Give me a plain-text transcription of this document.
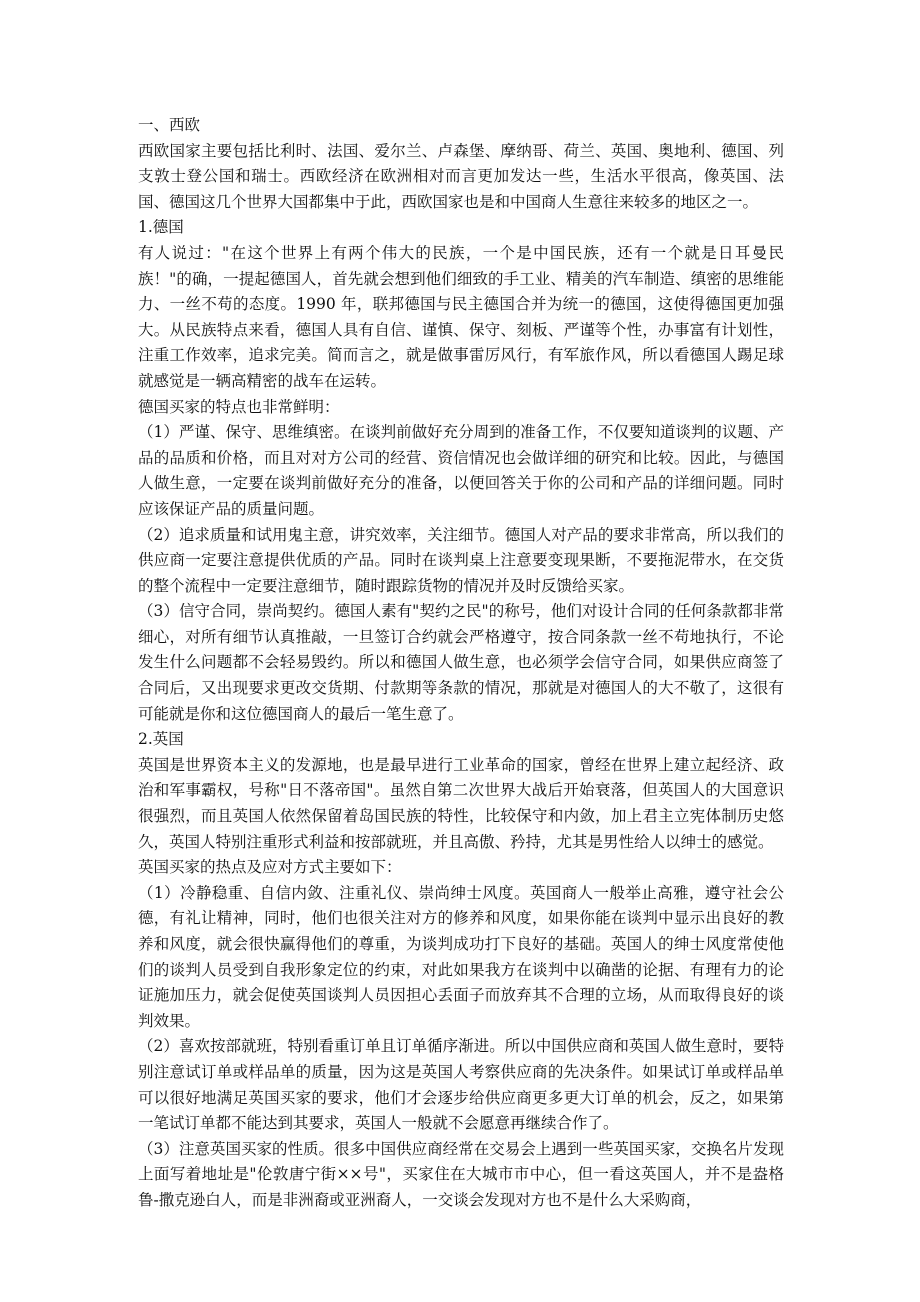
一、西欧

西欧国家主要包括比利时、法国、爱尔兰、卢森堡、摩纳哥、荷兰、英国、奥地利、德国、列支敦士登公国和瑞士。西欧经济在欧洲相对而言更加发达一些，生活水平很高，像英国、法国、德国这几个世界大国都集中于此，西欧国家也是和中国商人生意往来较多的地区之一。

1.德国

有人说过："在这个世界上有两个伟大的民族，一个是中国民族，还有一个就是日耳曼民族！"的确，一提起德国人，首先就会想到他们细致的手工业、精美的汽车制造、缜密的思维能力、一丝不苟的态度。1990 年，联邦德国与民主德国合并为统一的德国，这使得德国更加强大。从民族特点来看，德国人具有自信、谨慎、保守、刻板、严谨等个性，办事富有计划性，注重工作效率，追求完美。简而言之，就是做事雷厉风行，有军旅作风，所以看德国人踢足球就感觉是一辆高精密的战车在运转。

德国买家的特点也非常鲜明：

（1）严谨、保守、思维缜密。在谈判前做好充分周到的准备工作，不仅要知道谈判的议题、产品的品质和价格，而且对对方公司的经营、资信情况也会做详细的研究和比较。因此，与德国人做生意，一定要在谈判前做好充分的准备，以便回答关于你的公司和产品的详细问题。同时应该保证产品的质量问题。

（2）追求质量和试用鬼主意，讲究效率，关注细节。德国人对产品的要求非常高，所以我们的供应商一定要注意提供优质的产品。同时在谈判桌上注意要变现果断，不要拖泥带水，在交货的整个流程中一定要注意细节，随时跟踪货物的情况并及时反馈给买家。

（3）信守合同，崇尚契约。德国人素有"契约之民"的称号，他们对设计合同的任何条款都非常细心，对所有细节认真推敲，一旦签订合约就会严格遵守，按合同条款一丝不苟地执行，不论发生什么问题都不会轻易毁约。所以和德国人做生意，也必须学会信守合同，如果供应商签了合同后，又出现要求更改交货期、付款期等条款的情况，那就是对德国人的大不敬了，这很有可能就是你和这位德国商人的最后一笔生意了。

2.英国

英国是世界资本主义的发源地，也是最早进行工业革命的国家，曾经在世界上建立起经济、政治和军事霸权，号称"日不落帝国"。虽然自第二次世界大战后开始衰落，但英国人的大国意识很强烈，而且英国人依然保留着岛国民族的特性，比较保守和内敛，加上君主立宪体制历史悠久，英国人特别注重形式利益和按部就班，并且高傲、矜持，尤其是男性给人以绅士的感觉。

英国买家的热点及应对方式主要如下：

（1）冷静稳重、自信内敛、注重礼仪、崇尚绅士风度。英国商人一般举止高雅，遵守社会公德，有礼让精神，同时，他们也很关注对方的修养和风度，如果你能在谈判中显示出良好的教养和风度，就会很快赢得他们的尊重，为谈判成功打下良好的基础。英国人的绅士风度常使他们的谈判人员受到自我形象定位的约束，对此如果我方在谈判中以确凿的论据、有理有力的论证施加压力，就会促使英国谈判人员因担心丢面子而放弃其不合理的立场，从而取得良好的谈判效果。

（2）喜欢按部就班，特别看重订单且订单循序渐进。所以中国供应商和英国人做生意时，要特别注意试订单或样品单的质量，因为这是英国人考察供应商的先决条件。如果试订单或样品单可以很好地满足英国买家的要求，他们才会逐步给供应商更多更大订单的机会，反之，如果第一笔试订单都不能达到其要求，英国人一般就不会愿意再继续合作了。

（3）注意英国买家的性质。很多中国供应商经常在交易会上遇到一些英国买家，交换名片发现上面写着地址是"伦敦唐宁街××号"，买家住在大城市市中心，但一看这英国人，并不是盎格鲁-撒克逊白人，而是非洲裔或亚洲裔人，一交谈会发现对方也不是什么大采购商，
